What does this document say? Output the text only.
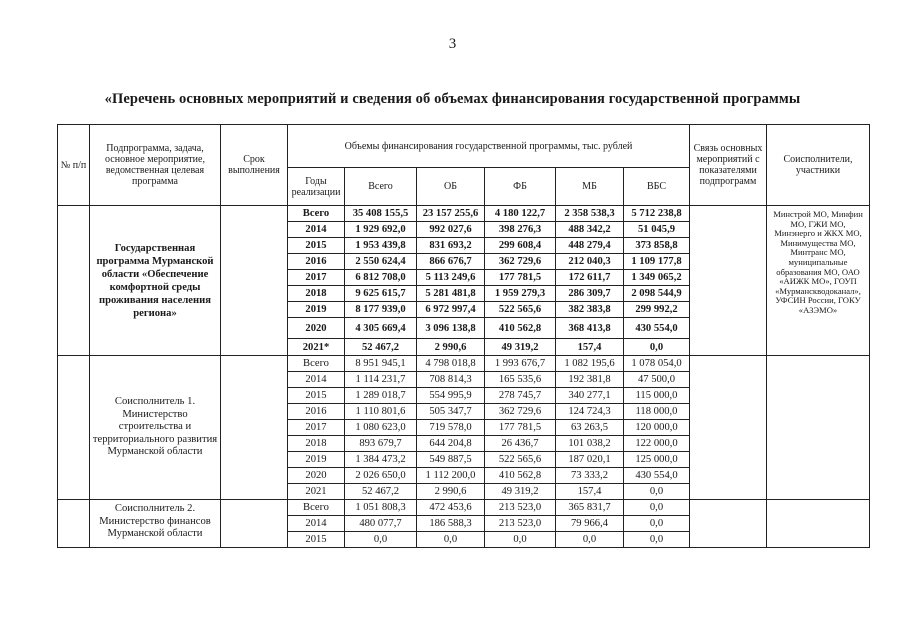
3
«Перечень основных мероприятий и сведения об объемах финансирования государственной программы
№ п/п	Подпрограмма, задача, основное мероприятие, ведомственная целевая программа	Срок выполнения	Объемы финансирования государственной программы, тыс. рублей						Связь основных мероприятий с показателями подпрограмм	Соисполнители, участники
			Годы реализации	Всего	ОБ	ФБ	МБ	ВБС		
	Государственная программа Мурманской области «Обеспечение комфортной среды проживания населения региона»		Всего	35 408 155,5	23 157 255,6	4 180 122,7	2 358 538,3	5 712 238,8		Минстрой МО, Минфин МО, ГЖИ МО, Минэнерго и ЖКХ МО, Минимущества МО, Минтранс МО, муниципальные образования МО, ОАО «АИЖК МО», ГОУП «Мурманскводоканал», УФСИН России, ГОКУ «АЗЭМО»
			2014	1 929 692,0	992 027,6	398 276,3	488 342,2	51 045,9		
			2015	1 953 439,8	831 693,2	299 608,4	448 279,4	373 858,8		
			2016	2 550 624,4	866 676,7	362 729,6	212 040,3	1 109 177,8		
			2017	6 812 708,0	5 113 249,6	177 781,5	172 611,7	1 349 065,2		
			2018	9 625 615,7	5 281 481,8	1 959 279,3	286 309,7	2 098 544,9		
			2019	8 177 939,0	6 972 997,4	522 565,6	382 383,8	299 992,2		
			2020	4 305 669,4	3 096 138,8	410 562,8	368 413,8	430 554,0		
			2021*	52 467,2	2 990,6	49 319,2	157,4	0,0		
	Соисполнитель 1. Министерство строительства и территориального развития Мурманской области		Всего	8 951 945,1	4 798 018,8	1 993 676,7	1 082 195,6	1 078 054,0		
			2014	1 114 231,7	708 814,3	165 535,6	192 381,8	47 500,0		
			2015	1 289 018,7	554 995,9	278 745,7	340 277,1	115 000,0		
			2016	1 110 801,6	505 347,7	362 729,6	124 724,3	118 000,0		
			2017	1 080 623,0	719 578,0	177 781,5	63 263,5	120 000,0		
			2018	893 679,7	644 204,8	26 436,7	101 038,2	122 000,0		
			2019	1 384 473,2	549 887,5	522 565,6	187 020,1	125 000,0		
			2020	2 026 650,0	1 112 200,0	410 562,8	73 333,2	430 554,0		
			2021	52 467,2	2 990,6	49 319,2	157,4	0,0		
	Соисполнитель 2. Министерство финансов Мурманской области		Всего	1 051 808,3	472 453,6	213 523,0	365 831,7	0,0		
			2014	480 077,7	186 588,3	213 523,0	79 966,4	0,0		
			2015	0,0	0,0	0,0	0,0	0,0		
